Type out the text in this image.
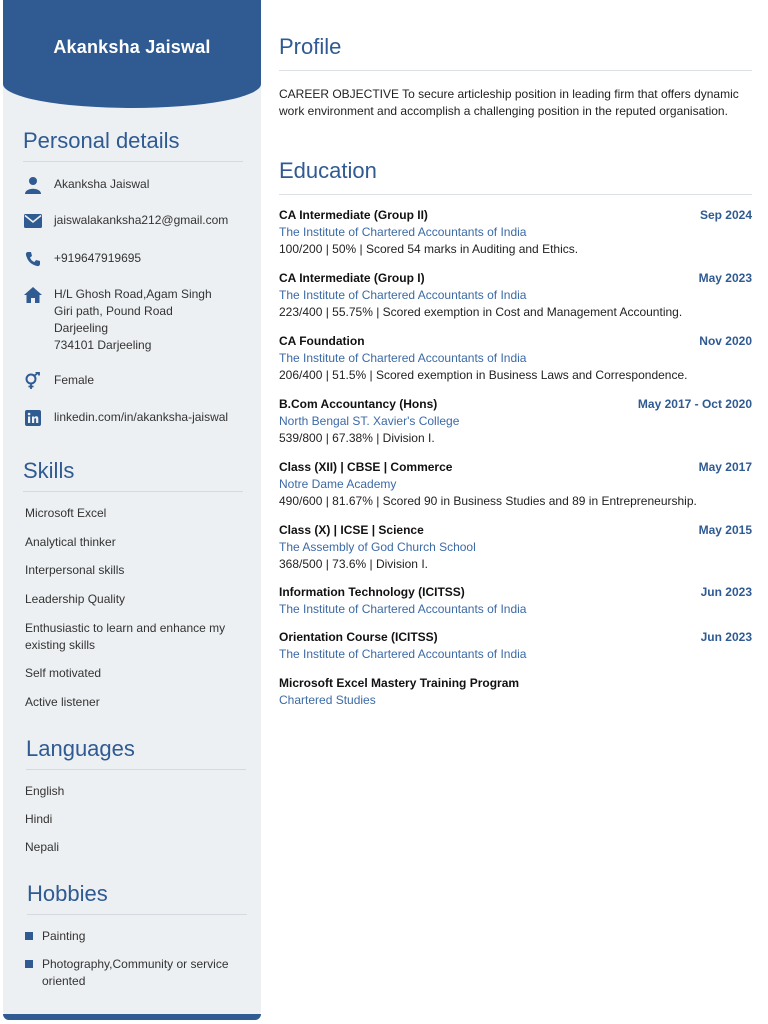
Akanksha Jaiswal
Personal details
Akanksha Jaiswal
jaiswalakanksha212@gmail.com
+919647919695
H/L Ghosh Road,Agam Singh
Giri path, Pound Road
Darjeeling
734101 Darjeeling
Female
linkedin.com/in/akanksha-jaiswal
Skills
Microsoft Excel
Analytical thinker
Interpersonal skills
Leadership Quality
Enthusiastic to learn and enhance my existing skills
Self motivated
Active listener
Languages
English
Hindi
Nepali
Hobbies
Painting
Photography,Community or service oriented
Profile

CAREER OBJECTIVE To secure articleship position in leading firm that offers dynamic work environment and accomplish a challenging position in the reputed organisation.

Education
CA Intermediate (Group II)	Sep 2024
The Institute of Chartered Accountants of India
100/200 | 50% | Scored 54 marks in Auditing and Ethics.
CA Intermediate (Group I)	May 2023
The Institute of Chartered Accountants of India
223/400 | 55.75% | Scored exemption in Cost and Management Accounting.
CA Foundation	Nov 2020
The Institute of Chartered Accountants of India
206/400 | 51.5% | Scored exemption in Business Laws and Correspondence.
B.Com Accountancy (Hons)	May 2017 - Oct 2020
North Bengal ST. Xavier's College
539/800 | 67.38% | Division I.
Class (XII) | CBSE | Commerce	May 2017
Notre Dame Academy
490/600 | 81.67% | Scored 90 in Business Studies and 89 in Entrepreneurship.
Class (X) | ICSE | Science	May 2015
The Assembly of God Church School
368/500 | 73.6% | Division I.
Information Technology (ICITSS)	Jun 2023
The Institute of Chartered Accountants of India
Orientation Course (ICITSS)	Jun 2023
The Institute of Chartered Accountants of India
Microsoft Excel Mastery Training Program
Chartered Studies
